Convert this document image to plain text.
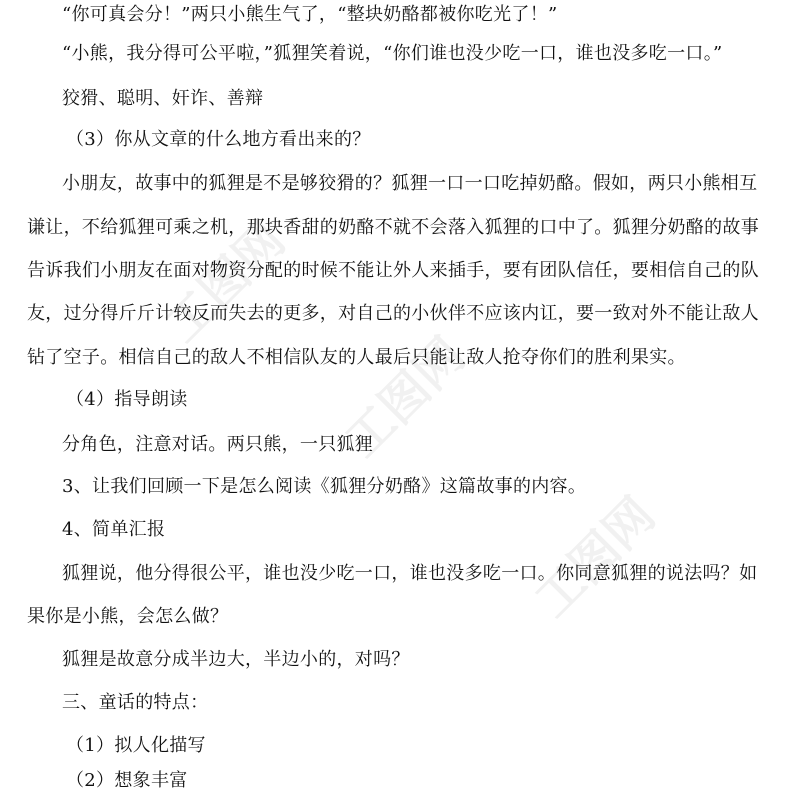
工图网
工图网
工图网
“你可真会分！”两只小熊生气了，“整块奶酪都被你吃光了！”
“小熊，我分得可公平啦，”狐狸笑着说，“你们谁也没少吃一口，谁也没多吃一口。”
狡猾、聪明、奸诈、善辩
（3）你从文章的什么地方看出来的？
小朋友，故事中的狐狸是不是够狡猾的？狐狸一口一口吃掉奶酪。假如，两只小熊相互
谦让，不给狐狸可乘之机，那块香甜的奶酪不就不会落入狐狸的口中了。狐狸分奶酪的故事
告诉我们小朋友在面对物资分配的时候不能让外人来插手，要有团队信任，要相信自己的队
友，过分得斤斤计较反而失去的更多，对自己的小伙伴不应该内讧，要一致对外不能让敌人
钻了空子。相信自己的敌人不相信队友的人最后只能让敌人抢夺你们的胜利果实。
（4）指导朗读
分角色，注意对话。两只熊，一只狐狸
3、让我们回顾一下是怎么阅读《狐狸分奶酪》这篇故事的内容。
4、简单汇报
狐狸说，他分得很公平，谁也没少吃一口，谁也没多吃一口。你同意狐狸的说法吗？如
果你是小熊，会怎么做？
狐狸是故意分成半边大，半边小的，对吗？
三、童话的特点：
（1）拟人化描写
（2）想象丰富
